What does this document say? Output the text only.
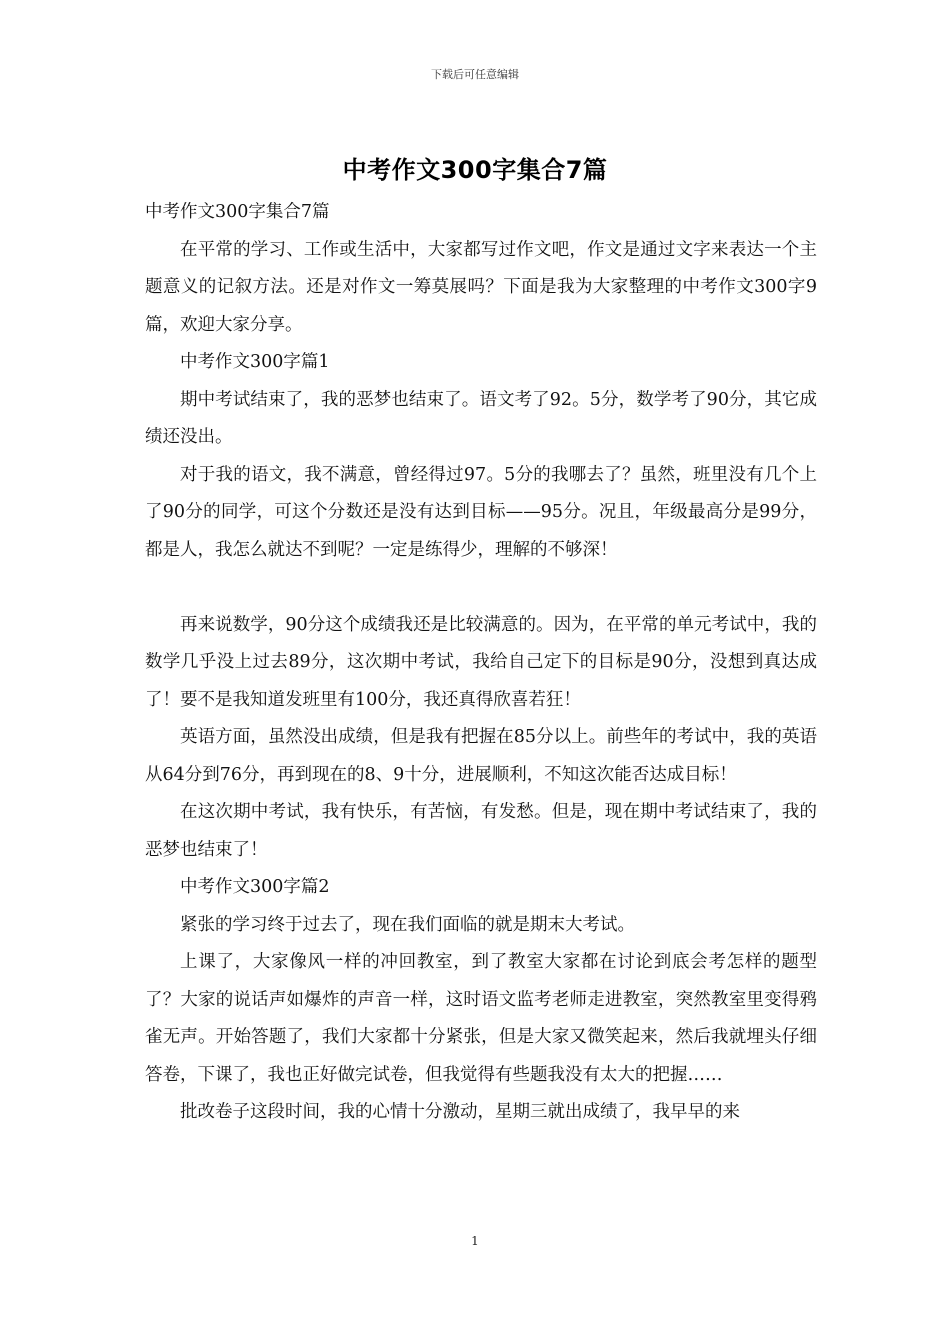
下载后可任意编辑
中考作文300字集合7篇

中考作文300字集合7篇

在平常的学习、工作或生活中，大家都写过作文吧，作文是通过文字来表达一个主题意义的记叙方法。还是对作文一筹莫展吗？下面是我为大家整理的中考作文300字9篇，欢迎大家分享。

中考作文300字篇1

期中考试结束了，我的恶梦也结束了。语文考了92。5分，数学考了90分，其它成绩还没出。

对于我的语文，我不满意，曾经得过97。5分的我哪去了？虽然，班里没有几个上了90分的同学，可这个分数还是没有达到目标——95分。况且，年级最高分是99分，都是人，我怎么就达不到呢？一定是练得少，理解的不够深！

再来说数学，90分这个成绩我还是比较满意的。因为，在平常的单元考试中，我的数学几乎没上过去89分，这次期中考试，我给自己定下的目标是90分，没想到真达成了！要不是我知道发班里有100分，我还真得欣喜若狂！

英语方面，虽然没出成绩，但是我有把握在85分以上。前些年的考试中，我的英语从64分到76分，再到现在的8、9十分，进展顺利，不知这次能否达成目标！

在这次期中考试，我有快乐，有苦恼，有发愁。但是，现在期中考试结束了，我的恶梦也结束了！

中考作文300字篇2

紧张的学习终于过去了，现在我们面临的就是期末大考试。

上课了，大家像风一样的冲回教室，到了教室大家都在讨论到底会考怎样的题型了？大家的说话声如爆炸的声音一样，这时语文监考老师走进教室，突然教室里变得鸦雀无声。开始答题了，我们大家都十分紧张，但是大家又微笑起来，然后我就埋头仔细答卷，下课了，我也正好做完试卷，但我觉得有些题我没有太大的把握……

批改卷子这段时间，我的心情十分激动，星期三就出成绩了，我早早的来

1
